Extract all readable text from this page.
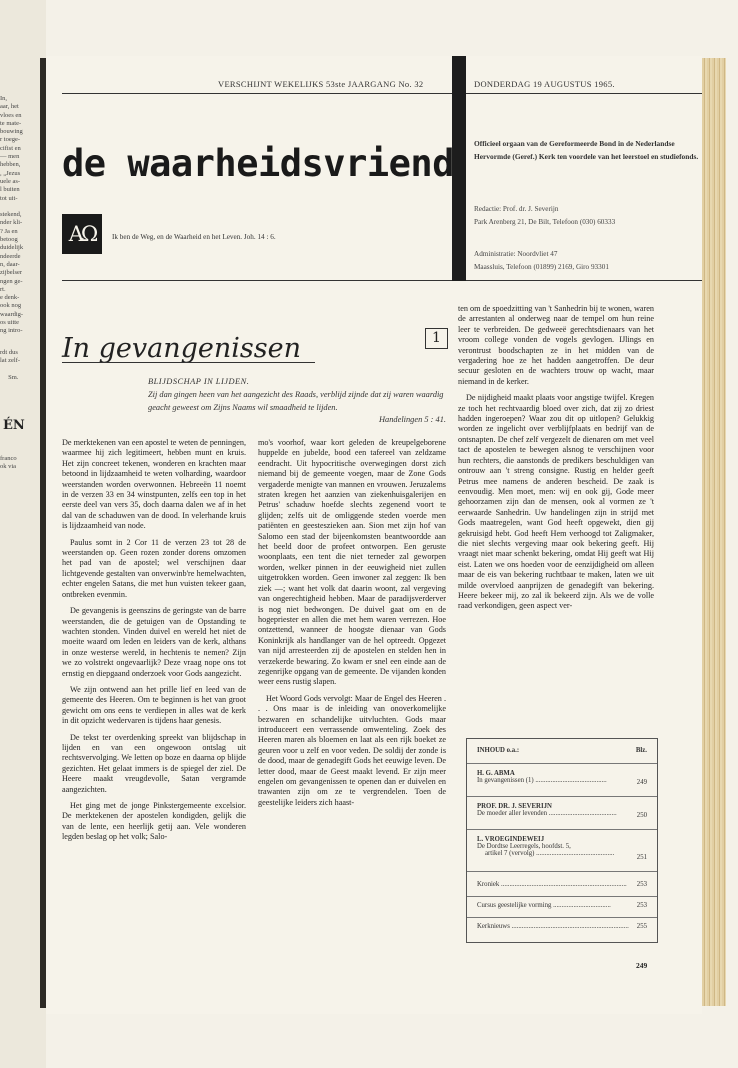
In,
aar, het
vloes en
te mate-
bouwing
r toege-
cifist en
— men
hebben,
, „Jezus
uele as-
l buiten
tot uit-

stekend,
nder kli-
? Ja en
betoog
duidelijk
ndeerde
n, daar-
zijbelser
ngen ge-
rt.
e denk-
ook nog
waardig-
os uitte
ng intro-
rdt dus
lat zelf-

Sm.
ÉN
franco
ok via
VERSCHIJNT WEKELIJKS 53ste JAARGANG No. 32	DONDERDAG 19 AUGUSTUS 1965.
de waarheidsvriend	Officieel orgaan van de Gereformeerde Bond in de Nederlandse Hervormde (Geref.) Kerk ten voordele van het leerstoel en studiefonds.
Redactie: Prof. dr. J. Severijn
Park Arenberg 21, De Bilt, Telefoon (030) 60333
Administratie: Noordvliet 47
Maassluis, Telefoon (01899) 2169, Giro 93301
AΩ	Ik ben de Weg, en de Waarheid en het Leven. Joh. 14 : 6.
In gevangenissen	1
BLIJDSCHAP IN LIJDEN.
Zij dan gingen heen van het aangezicht des Raads, verblijd zijnde dat zij waren waardig geacht geweest om Zijns Naams wil smaadheid te lijden.
Handelingen 5 : 41.

De merktekenen van een apostel te weten de penningen, waarmee hij zich legitimeert, hebben munt en kruis. Het zijn concreet tekenen, wonderen en krachten maar betoond in lijdzaamheid te weten volharding, waardoor weerstanden worden overwonnen. Hebreeën 11 noemt in de verzen 33 en 34 winstpunten, zelfs een top in het eerste deel van vers 35, doch daarna dalen we af in het dal van de schaduwen van de dood. In velerhande kruis is lijdzaamheid van node.

Paulus somt in 2 Cor 11 de verzen 23 tot 28 de weerstanden op. Geen rozen zonder dorens omzomen het pad van de apostel; wel verschijnen daar lichtgevende gestalten van onverwinb're hemelwachten, echter engelen Satans, die met hun vuisten tekeer gaan, ontbreken evenmin.

De gevangenis is geenszins de geringste van de barre weerstanden, die de getuigen van de Opstanding te wachten stonden. Vinden duivel en wereld het niet de moeite waard om leden en leiders van de kerk, althans in onze westerse wereld, in hechtenis te nemen? Zijn we zo volstrekt ongevaarlijk? Deze vraag nope ons tot ernstig en diepgaand onderzoek voor Gods aangezicht.

We zijn ontwend aan het prille lief en leed van de gemeente des Heeren. Om te beginnen is het van groot gewicht om ons eens te verdiepen in alles wat de kerk in dit opzicht wedervaren is tijdens haar genesis.

De tekst ter overdenking spreekt van blijdschap in lijden en van een ongewoon ontslag uit rechtsvervolging. We letten op boze en daarna op blijde gezichten. Het gelaat immers is de spiegel der ziel. De Heere maakt vreugdevolle, Satan vergramde aangezichten.

Het ging met de jonge Pinkstergemeente excelsior. De merktekenen der apostelen kondigden, gelijk die van de lente, een heerlijk getij aan. Vele wonderen legden beslag op het volk; Salo-

mo's voorhof, waar kort geleden de kreupelgeborene huppelde en jubelde, bood een tafereel van zeldzame eendracht. Uit hypocritische overwegingen dorst zich niemand bij de gemeente voegen, maar de Zone Gods vergaderde menigte van mannen en vrouwen. Jeruzalems straten kregen het aanzien van ziekenhuisgalerijen en Petrus' schaduw hoefde slechts zegenend voort te glijden; zelfs uit de omliggende steden voerde men patiënten en geesteszieken aan. Sion met zijn hof van Salomo een stad der bijeenkomsten beantwoordde aan het beeld door de profeet ontworpen. Een geruste woonplaats, een tent die niet terneder zal geworpen worden, welker pinnen in der eeuwigheid niet zullen uitgetrokken worden. Geen inwoner zal zeggen: Ik ben ziek —; want het volk dat daarin woont, zal vergeving van ongerechtigheid hebben. Maar de paradijsverderver is nog niet bedwongen. De duivel gaat om en de hogepriester en allen die met hem waren verrezen. Hoe ontzettend, wanneer de hoogste dienaar van Gods Koninkrijk als handlanger van de hel optreedt. Opgezet van nijd arresteerden zij de apostelen en stelden hen in verzekerde bewaring. Zo kwam er snel een einde aan de zegenrijke opgang van de gemeente. De vijanden konden weer eens rustig slapen.

Het Woord Gods vervolgt: Maar de Engel des Heeren . . . Ons maar is de inleiding van onoverkomelijke bezwaren en schandelijke uitvluchten. Gods maar introduceert een verrassende omwenteling. Zoek des Heeren maren als bloemen en laat als een rijk boeket ze geuren voor u zelf en voor veden. De soldij der zonde is de dood, maar de genadegift Gods het eeuwige leven. De letter dood, maar de Geest maakt levend. Er zijn meer engelen om gevangenissen te openen dan er duivelen en trawanten zijn om ze te vergrendelen. Toen de geestelijke leiders zich haast-

ten om de spoedzitting van 't Sanhedrin bij te wonen, waren de arrestanten al onderweg naar de tempel om hun reine leer te verbreiden. De gedweeë gerechtsdienaars van het vroom college vonden de vogels gevlogen. IJlings en verontrust boodschapten ze in het midden van de vergadering hoe ze het hadden aangetroffen. De deur secuur gesloten en de wachters trouw op wacht, maar niemand in de kerker.

De nijdigheid maakt plaats voor angstige twijfel. Kregen ze toch het rechtvaardig bloed over zich, dat zij zo driest hadden ingeroepen? Waar zou dit op uitlopen? Gelukkig worden ze ingelicht over verblijfplaats en bedrijf van de ontsnapten. De chef zelf vergezelt de dienaren om met veel tact de apostelen te bewegen alsnog te verschijnen voor hun rechters, die aanstonds de predikers beschuldigen van ontrouw aan 't streng consigne. Rustig en helder geeft Petrus mee namens de anderen bescheid. De zaak is eenvoudig. Men moet, men: wij en ook gij, Gode meer gehoorzamen zijn dan de mensen, ook al vormen ze 't eerwaarde Sanhedrin. Uw handelingen zijn in strijd met Gods maatregelen, want God heeft opgewekt, dien gij gekruisigd hebt. God heeft Hem verhoogd tot Zaligmaker, die niet slechts vergeving maar ook bekering geeft. Hij vraagt niet maar schenkt bekering, omdat Hij geeft wat Hij eist. Laten we ons hoeden voor de eenzijdigheid om alleen maar de eis van bekering ruchtbaar te maken, laten we uit milde overvloed aanprijzen de genadegift van bekering. Heere bekeer mij, zo zal ik bekeerd zijn. Als we de volle raad verkondigen, geen aspect ver-

INHOUD o.a.:	Blz.
H. G. ABMA
In gevangenissen (1) ..........................................	249
PROF. DR. J. SEVERIJN
De moeder aller levenden ........................................	250
L. VROEGINDEWEIJ
De Dordtse Leerregels, hoofdst. 5,
artikel 7 (vervolg) ..............................................
251
Kroniek ..........................................................................	253
Cursus geestelijke vorming ..................................	253
Kerknieuws .....................................................................	255
249
